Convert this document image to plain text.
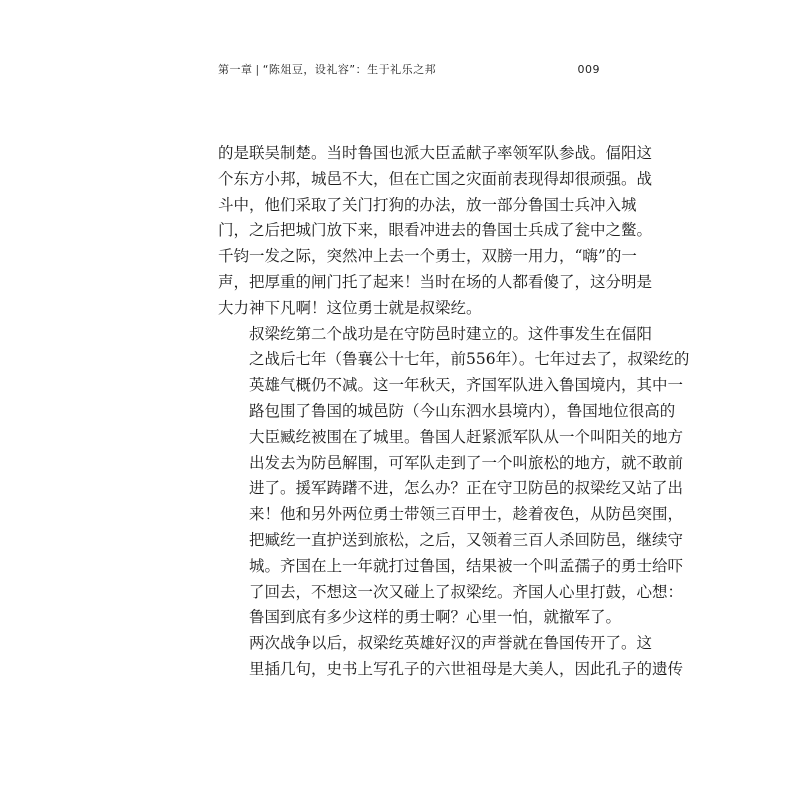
第一章 | “陈俎豆，设礼容”：生于礼乐之邦	009

的是联吴制楚。当时鲁国也派大臣孟献子率领军队参战。偪阳这
个东方小邦，城邑不大，但在亡国之灾面前表现得却很顽强。战
斗中，他们采取了关门打狗的办法，放一部分鲁国士兵冲入城
门，之后把城门放下来，眼看冲进去的鲁国士兵成了瓮中之鳖。
千钧一发之际，突然冲上去一个勇士，双膀一用力，“嗨”的一
声，把厚重的闸门托了起来！当时在场的人都看傻了，这分明是
大力神下凡啊！这位勇士就是叔梁纥。

叔梁纥第二个战功是在守防邑时建立的。这件事发生在偪阳
之战后七年（鲁襄公十七年，前556年）。七年过去了，叔梁纥的
英雄气概仍不减。这一年秋天，齐国军队进入鲁国境内，其中一
路包围了鲁国的城邑防（今山东泗水县境内），鲁国地位很高的
大臣臧纥被围在了城里。鲁国人赶紧派军队从一个叫阳关的地方
出发去为防邑解围，可军队走到了一个叫旅松的地方，就不敢前
进了。援军踌躇不进，怎么办？正在守卫防邑的叔梁纥又站了出
来！他和另外两位勇士带领三百甲士，趁着夜色，从防邑突围，
把臧纥一直护送到旅松，之后，又领着三百人杀回防邑，继续守
城。齐国在上一年就打过鲁国，结果被一个叫孟孺子的勇士给吓
了回去，不想这一次又碰上了叔梁纥。齐国人心里打鼓，心想：
鲁国到底有多少这样的勇士啊？心里一怕，就撤军了。

两次战争以后，叔梁纥英雄好汉的声誉就在鲁国传开了。这
里插几句，史书上写孔子的六世祖母是大美人，因此孔子的遗传
